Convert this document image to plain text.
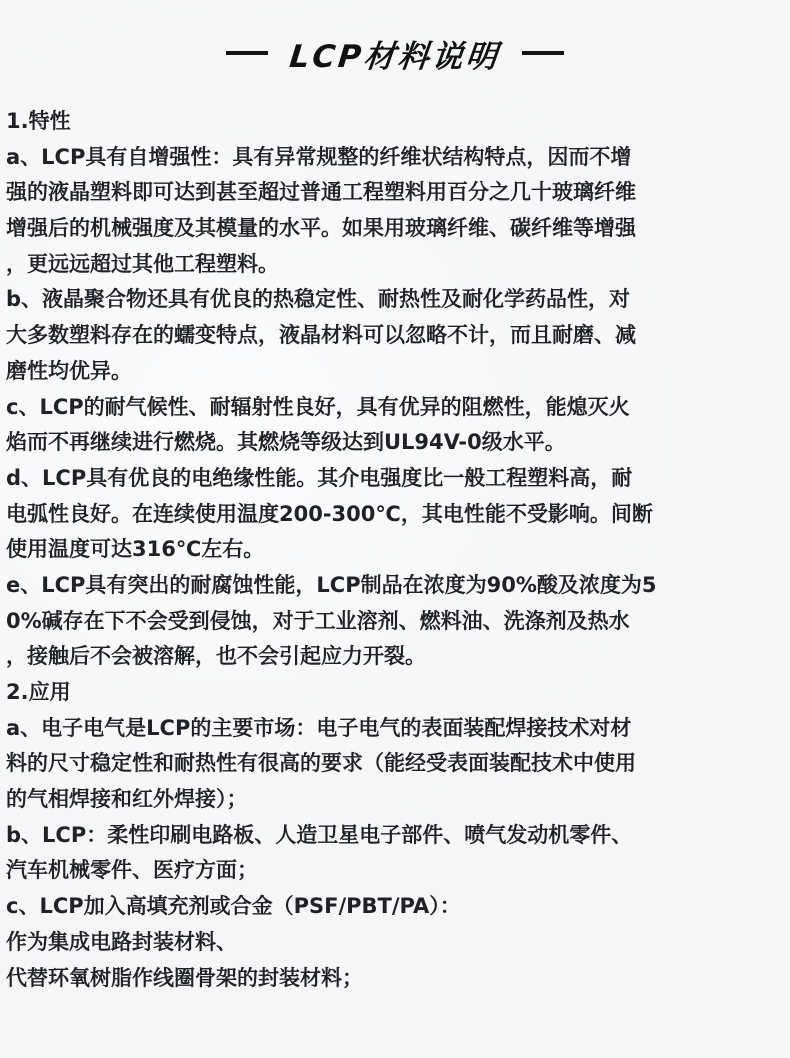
LCP材料说明
1.特性
a、LCP具有自增强性：具有异常规整的纤维状结构特点，因而不增
强的液晶塑料即可达到甚至超过普通工程塑料用百分之几十玻璃纤维
增强后的机械强度及其模量的水平。如果用玻璃纤维、碳纤维等增强
，更远远超过其他工程塑料。
b、液晶聚合物还具有优良的热稳定性、耐热性及耐化学药品性，对
大多数塑料存在的蠕变特点，液晶材料可以忽略不计，而且耐磨、减
磨性均优异。
c、LCP的耐气候性、耐辐射性良好，具有优异的阻燃性，能熄灭火
焰而不再继续进行燃烧。其燃烧等级达到UL94V-0级水平。
d、LCP具有优良的电绝缘性能。其介电强度比一般工程塑料高，耐
电弧性良好。在连续使用温度200-300℃，其电性能不受影响。间断
使用温度可达316℃左右。
e、LCP具有突出的耐腐蚀性能，LCP制品在浓度为90%酸及浓度为5
0%碱存在下不会受到侵蚀，对于工业溶剂、燃料油、洗涤剂及热水
，接触后不会被溶解，也不会引起应力开裂。
2.应用
a、电子电气是LCP的主要市场：电子电气的表面装配焊接技术对材
料的尺寸稳定性和耐热性有很高的要求（能经受表面装配技术中使用
的气相焊接和红外焊接）；
b、LCP：柔性印刷电路板、人造卫星电子部件、喷气发动机零件、
汽车机械零件、医疗方面；
c、LCP加入高填充剂或合金（PSF/PBT/PA）：
作为集成电路封装材料、
代替环氧树脂作线圈骨架的封装材料；
